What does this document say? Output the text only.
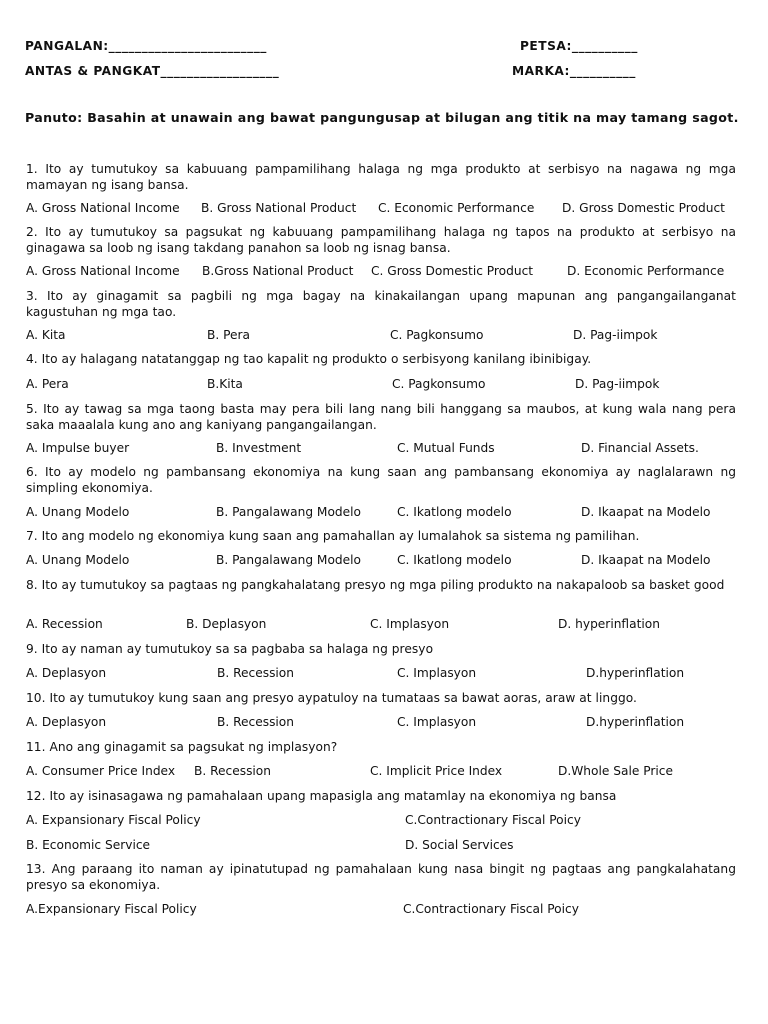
PANGALAN:________________________	PETSA:__________
ANTAS & PANGKAT__________________	MARKA:__________
Panuto: Basahin at unawain ang bawat pangungusap at bilugan ang titik na may tamang sagot.
1. Ito ay tumutukoy sa kabuuang pampamilihang halaga ng mga produkto at serbisyo na nagawa ng mga mamayan ng isang bansa.
A. Gross National Income B. Gross National Product C. Economic Performance D. Gross Domestic Product
2. Ito ay tumutukoy sa pagsukat ng kabuuang pampamilihang halaga ng tapos na produkto at serbisyo na ginagawa sa loob ng isang takdang panahon sa loob ng isnag bansa.
A. Gross National Income B.Gross National Product C. Gross Domestic Product	D. Economic Performance
3. Ito ay ginagamit sa pagbili ng mga bagay na kinakailangan upang mapunan ang pangangailanganat kagustuhan ng mga tao.
A. Kita	B. Pera	C. Pagkonsumo	D. Pag-iimpok
4. Ito ay halagang natatanggap ng tao kapalit ng produkto o serbisyong kanilang ibinibigay.
A. Pera	B.Kita	C. Pagkonsumo	D. Pag-iimpok
5. Ito ay tawag sa mga taong basta may pera bili lang nang bili hanggang sa maubos, at kung wala nang pera saka maaalala kung ano ang kaniyang pangangailangan.
A. Impulse buyer	B. Investment	C. Mutual Funds	D. Financial Assets.
6. Ito ay modelo ng pambansang ekonomiya na kung saan ang pambansang ekonomiya ay naglalarawn ng simpling ekonomiya.
A. Unang Modelo	B. Pangalawang Modelo	C. Ikatlong modelo	D. Ikaapat na Modelo
7. Ito ang modelo ng ekonomiya kung saan ang pamahallan ay lumalahok sa sistema ng pamilihan.
A. Unang Modelo	B. Pangalawang Modelo	C. Ikatlong modelo	D. Ikaapat na Modelo
8. Ito ay tumutukoy sa pagtaas ng pangkahalatang presyo ng mga piling produkto na nakapaloob sa basket good
A. Recession	B. Deplasyon	C. Implasyon	D. hyperinflation
9. Ito ay naman ay tumutukoy sa sa pagbaba sa halaga ng presyo
A. Deplasyon	B. Recession	C. Implasyon	D.hyperinflation
10. Ito ay tumutukoy kung saan ang presyo aypatuloy na tumataas sa bawat aoras, araw at linggo.
A. Deplasyon	B. Recession	C. Implasyon	D.hyperinflation
11. Ano ang ginagamit sa pagsukat ng implasyon?
A. Consumer Price Index B. Recession	C. Implicit Price Index	D.Whole Sale Price
12. Ito ay isinasagawa ng pamahalaan upang mapasigla ang matamlay na ekonomiya ng bansa
A. Expansionary Fiscal Policy	C.Contractionary Fiscal Poicy
B. Economic Service	D. Social Services
13. Ang paraang ito naman ay ipinatutupad ng pamahalaan kung nasa bingit ng pagtaas ang pangkalahatang presyo sa ekonomiya.
A.Expansionary Fiscal Policy	C.Contractionary Fiscal Poicy
